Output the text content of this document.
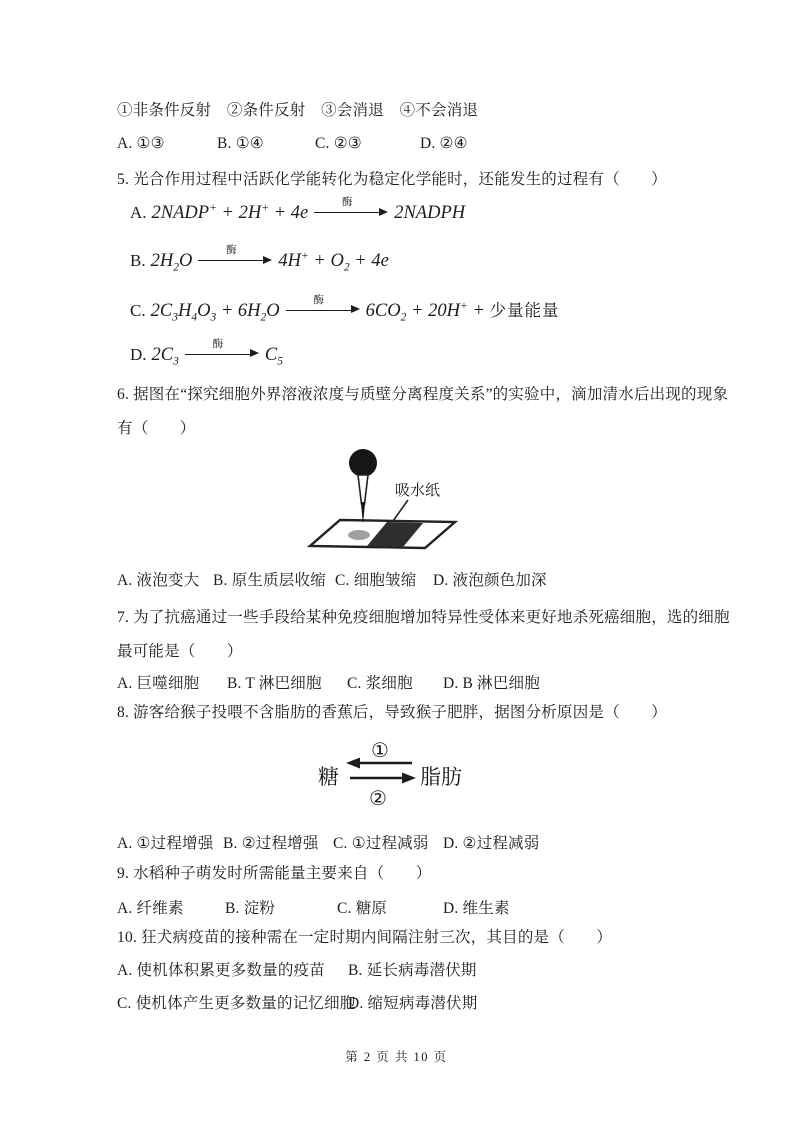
①非条件反射　②条件反射　③会消退　④不会消退
A. ①③	B. ①④	C. ②③	D. ②④
5. 光合作用过程中活跃化学能转化为稳定化学能时，还能发生的过程有（　　）
A. 2NADP+ + 2H+ + 4e
酶
2NADPH
B. $2H_2O$
酶
$4H^+ + O_2 + 4e$
C. $2C_3H_4O_3 + 6H_2O$
酶
$6CO_2 + 20H^+$ + 少量能量
D. $2C_3$
酶
$C_5$
6. 据图在“探究细胞外界溶液浓度与质壁分离程度关系”的实验中，滴加清水后出现的现象
有（　　）
吸水纸
A. 液泡变大 B. 原生质层收缩 C. 细胞皱缩 D. 液泡颜色加深
7. 为了抗癌通过一些手段给某种免疫细胞增加特异性受体来更好地杀死癌细胞，选的细胞
最可能是（　　）
A. 巨噬细胞 B. T 淋巴细胞 C. 浆细胞 D. B 淋巴细胞
8. 游客给猴子投喂不含脂肪的香蕉后，导致猴子肥胖，据图分析原因是（　　）
糖	脂肪
①
②
A. ①过程增强 B. ②过程增强 C. ①过程减弱 D. ②过程减弱
9. 水稻种子萌发时所需能量主要来自（　　）
A. 纤维素	B. 淀粉	C. 糖原	D. 维生素
10. 狂犬病疫苗的接种需在一定时期内间隔注射三次，其目的是（　　）
A. 使机体积累更多数量的疫苗 B. 延长病毒潜伏期
C. 使机体产生更多数量的记忆细胞
D. 缩短病毒潜伏期
第 2 页 共 10 页
